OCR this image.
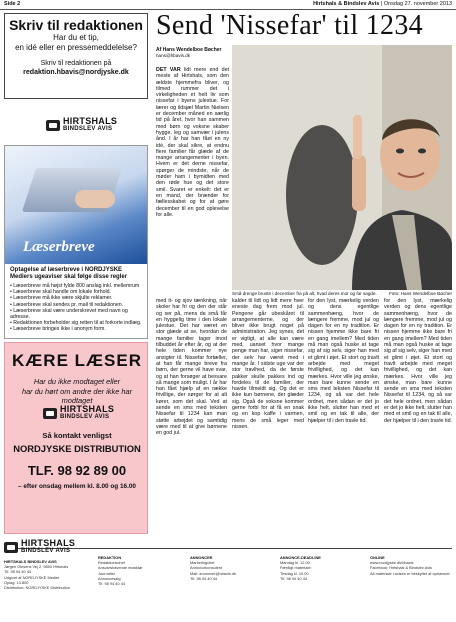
Side 2	Hirtshals & Bindslev Avis | Onsdag 27. november 2013
Skriv til redaktionen
Har du et tip,
en idé eller en pressemeddelelse?
Skriv til redaktionen på
redaktion.hbavis@nordjyske.dk
HIRTSHALS
BINDSLEV AVIS
Læserbreve
Optagelse af læserbreve i NORDJYSKE Mediers ugeaviser skal følge disse regler
• Læserbreve må højst fylde 800 anslag inkl. mellemrum
• Læserbreve skal handle om lokale forhold.
• Læserbreve må ikke være skjulte reklamer.
• Læserbreve skal sendes pr. mail til redaktionen.
• Læserbreve skal være underskrevet med navn og adresse.
• Redaktionen forbeholder sig retten til at forkorte indlæg.
• Læserbreve bringes ikke i anonym form.
KÆRE LÆSER
Har du ikke modtaget eller
har du hørt om andre der ikke har modtaget
HIRTSHALS
BINDSLEV AVIS
Så kontakt venligst
NORDJYSKE DISTRIBUTION
TLF. 98 92 89 00
– efter onsdag mellem kl. 8.00 og 16.00
Send 'Nissefar' til 1234
Af Hans Wendelboe Bøcher
hans@hbavis.dk
DET VAR lidt mere end det meste af Hirtshals, som den ældste hjemmefra bliver, og tilmed rummer det i virkeligheden et helt liv som nissefar i byens julestue. For lærer og ildsjæl Martin Nielsen er december måned en særlig tid på året, hvor han sammen med børn og voksne skaber hygge, leg og samvær i julens ånd. I år har han fået en ny idé, der skal sikre, at endnu flere familier får glæde af de mange arrangementer i byen. Hvem er det derne nissefar, spørger de mindste, når de møder ham i bymidten med den røde hue og det store smil. Svaret er enkelt: det er en mand, der brænder for fællesskabet og for at gøre december til en god oplevelse for alle.
Små drenge bruste i december fra på alt, hvad deres mor og far sagde.	Foto: Hans Wendelboe Bøcher
med it- og sjov tænkning, når skoler har fri og den der står og ser på, mens de små får en hyggelig time i den lokale julestue. Det har været en stor glæde at se, hvordan de mange familier tager imod tilbuddet år efter år, og at der hele tiden kommer nye ansigter til. Nissefar fortæller, at han får mange breve fra børn, der gerne vil have svar, og at han forsøger at besvare så mange som muligt. I år har han fået hjælp af en række frivillige, der sørger for at alt kører, som det skal. Ved at sende en sms med teksten Nissefar til 1234 kan man støtte arbejdet og samtidig være med til at give børnene en god jul.
kalder til lidt og lidt mere hver eneste dag frem mod jul. Pengene går ubeskåret til arrangementerne, og der bliver ikke brugt noget på administration. Jeg synes, det er vigtigt, at alle kan være med, uanset hvor mange penge man har, siger nissefar, der selv har været med i mange år. I sidste uge var der stor travlhed, da de første pakker skulle pakkes ind og fordeles til de familier, der havde tilmeldt sig. Og det er ikke kun børnene, der glæder sig. Også de voksne kommer gerne forbi for at få en snak og en kop kaffe i varmen, mens de små leger med nissen.
for den lyst, mærkelig verden og dens egentlige sammenhæng, hvor de længere fremme, mod jul og dagen for en ny tradition. Er nissen hjemme ikke bare fri en gang imellem? Med tiden må man også huske at tage sig af sig selv, siger han med et glimt i øjet. Et stort og travlt arbejde med meget frivillighed, og det kan mærkes. Hvor ville jeg ønske, man bare kunne sende en sms med teksten Nissefar til 1234, og så var det hele ordnet, men sådan er det jo ikke helt, slutter han med et smil og en tak til alle, der hjælper til i den travle tid.
for den lyst, mærkelig verden og dens egentlige sammenhæng, hvor de længere fremme, mod jul og dagen for en ny tradition. Er nissen hjemme ikke bare fri en gang imellem? Med tiden må man også huske at tage sig af sig selv, siger han med et glimt i øjet. Et stort og travlt arbejde med meget frivillighed, og det kan mærkes. Hvor ville jeg ønske, man bare kunne sende en sms med teksten Nissefar til 1234, og så var det hele ordnet, men sådan er det jo ikke helt, slutter han med et smil og en tak til alle, der hjælper til i den travle tid.
HIRTSHALS
BINDSLEV AVIS
HIRTSHALS BINDSLEV AVIS
Jørgen Olesens Vej 2, 9850 Hirtshals
Tlf. 98 94 40 44
Udgivet af NORDJYSKE Medier
Oplag: 13.800
Distribution: NORDJYSKE Distribution
REDAKTION
Redaktionschef
Ansvarshavende redaktør
Journalist
Annoncesalg
Tlf. 98 94 40 44
ANNONCER
Marketingchef
Annoncekonsulent
Mail: annoncer@hbavis.dk
Tlf. 98 94 40 44
ANNONCE-DEADLINE
Mandag kl. 12.00
Færdigt materiale:
Tirsdag kl. 10.00
Tlf. 98 94 40 44
ONLINE
www.nordjyske.dk/hbavis
Facebook: Hirtshals & Bindslev Avis
Alt materiale i avisen er beskyttet af ophavsret
